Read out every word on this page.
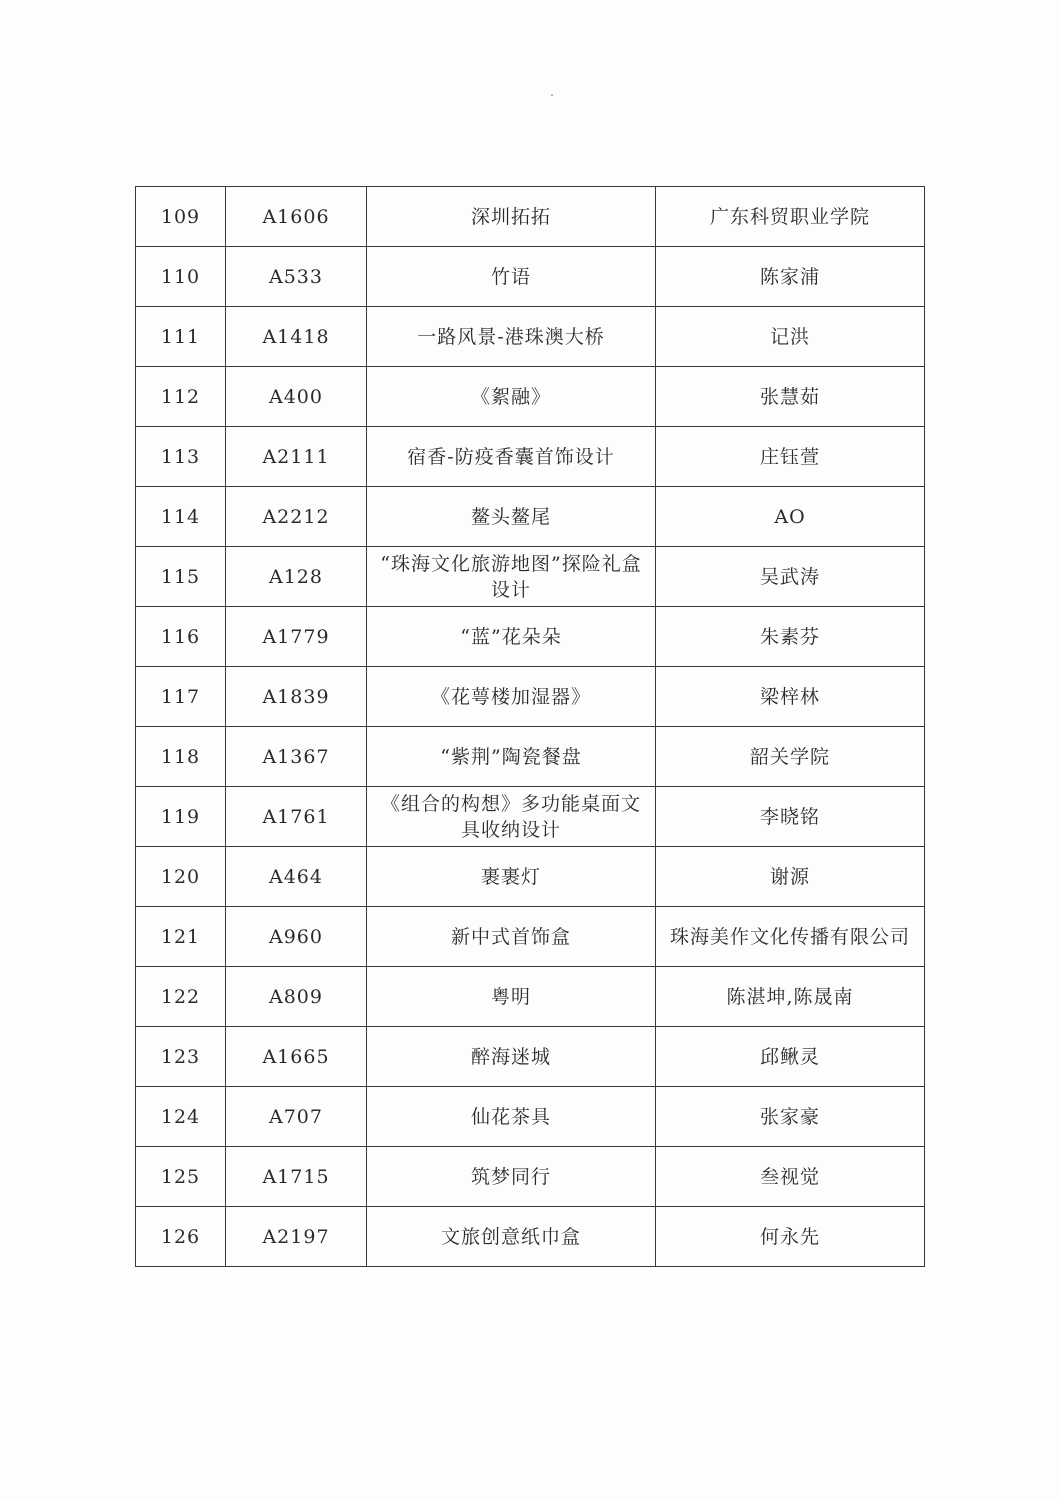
109	A1606	深圳拓拓	广东科贸职业学院
110	A533	竹语	陈家浦
111	A1418	一路风景-港珠澳大桥	记洪
112	A400	《絮融》	张慧茹
113	A2111	宿香-防疫香囊首饰设计	庄钰萱
114	A2212	鳌头鳌尾	AO
115	A128	“珠海文化旅游地图”探险礼盒设计	吴武涛
116	A1779	“蓝”花朵朵	朱素芬
117	A1839	《花萼楼加湿器》	梁梓林
118	A1367	“紫荆”陶瓷餐盘	韶关学院
119	A1761	《组合的构想》多功能桌面文具收纳设计	李晓铭
120	A464	裹裹灯	谢源
121	A960	新中式首饰盒	珠海美作文化传播有限公司
122	A809	粤明	陈湛坤,陈晟南
123	A1665	醉海迷城	邱鳅灵
124	A707	仙花茶具	张家豪
125	A1715	筑梦同行	叁视觉
126	A2197	文旅创意纸巾盒	何永先
